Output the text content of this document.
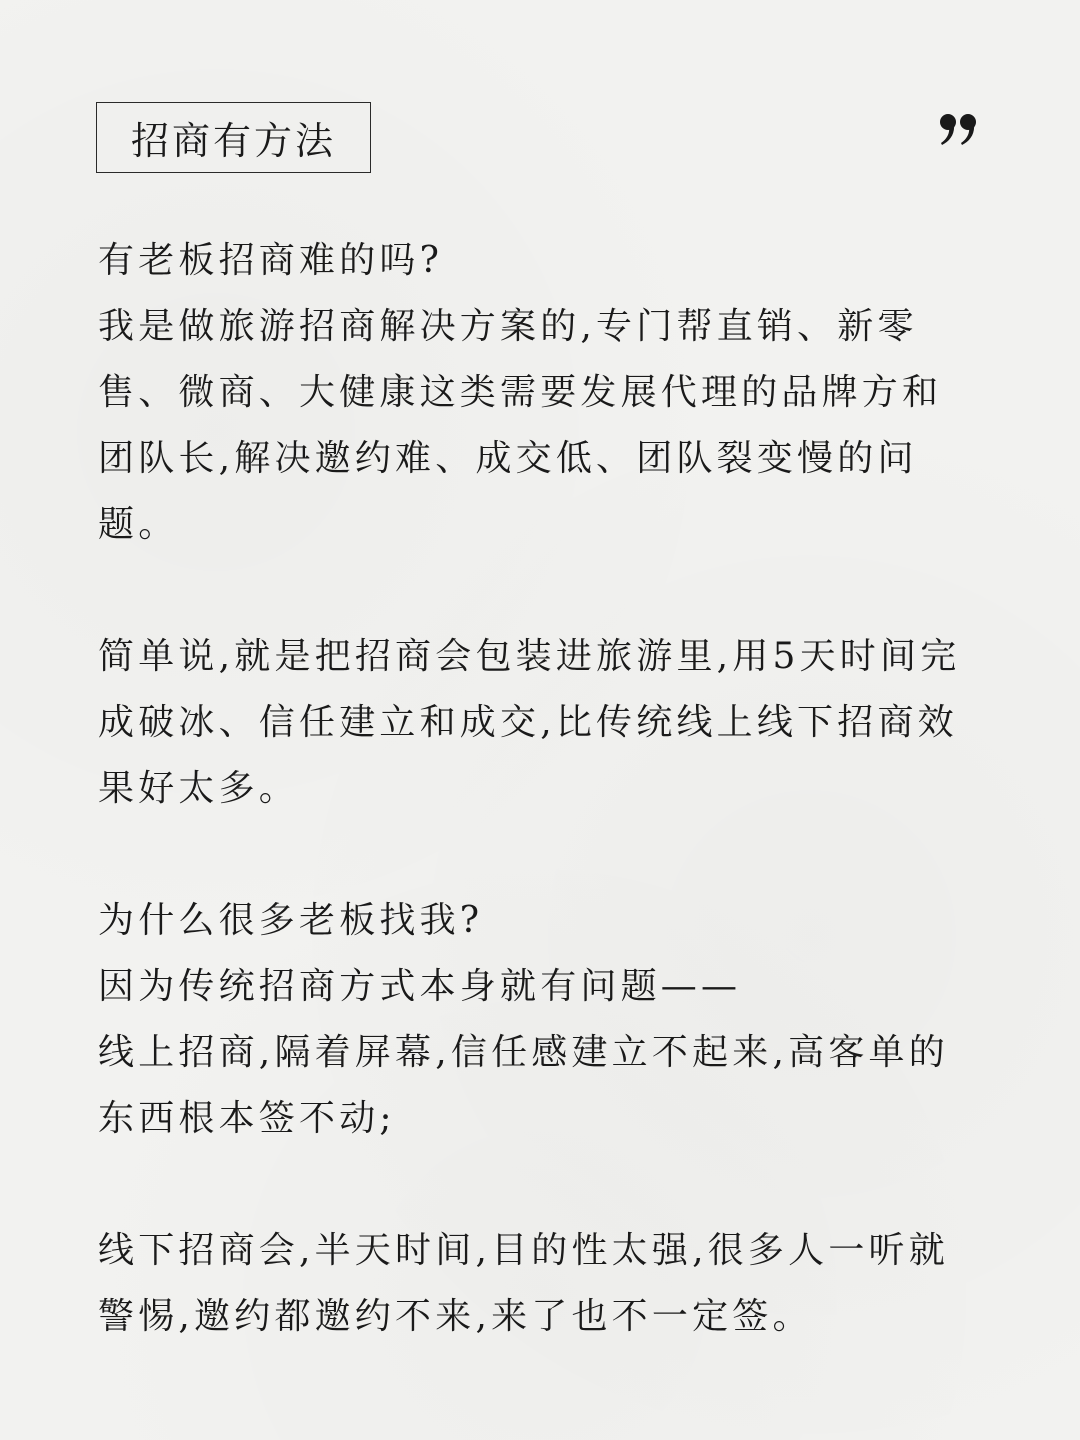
招商有方法
有老板招商难的吗?
我是做旅游招商解决方案的,专门帮直销、新零
售、微商、大健康这类需要发展代理的品牌方和
团队长,解决邀约难、成交低、团队裂变慢的问
题。
简单说,就是把招商会包装进旅游里,用5天时间完
成破冰、信任建立和成交,比传统线上线下招商效
果好太多。
为什么很多老板找我?
因为传统招商方式本身就有问题——
线上招商,隔着屏幕,信任感建立不起来,高客单的
东西根本签不动;
线下招商会,半天时间,目的性太强,很多人一听就
警惕,邀约都邀约不来,来了也不一定签。
